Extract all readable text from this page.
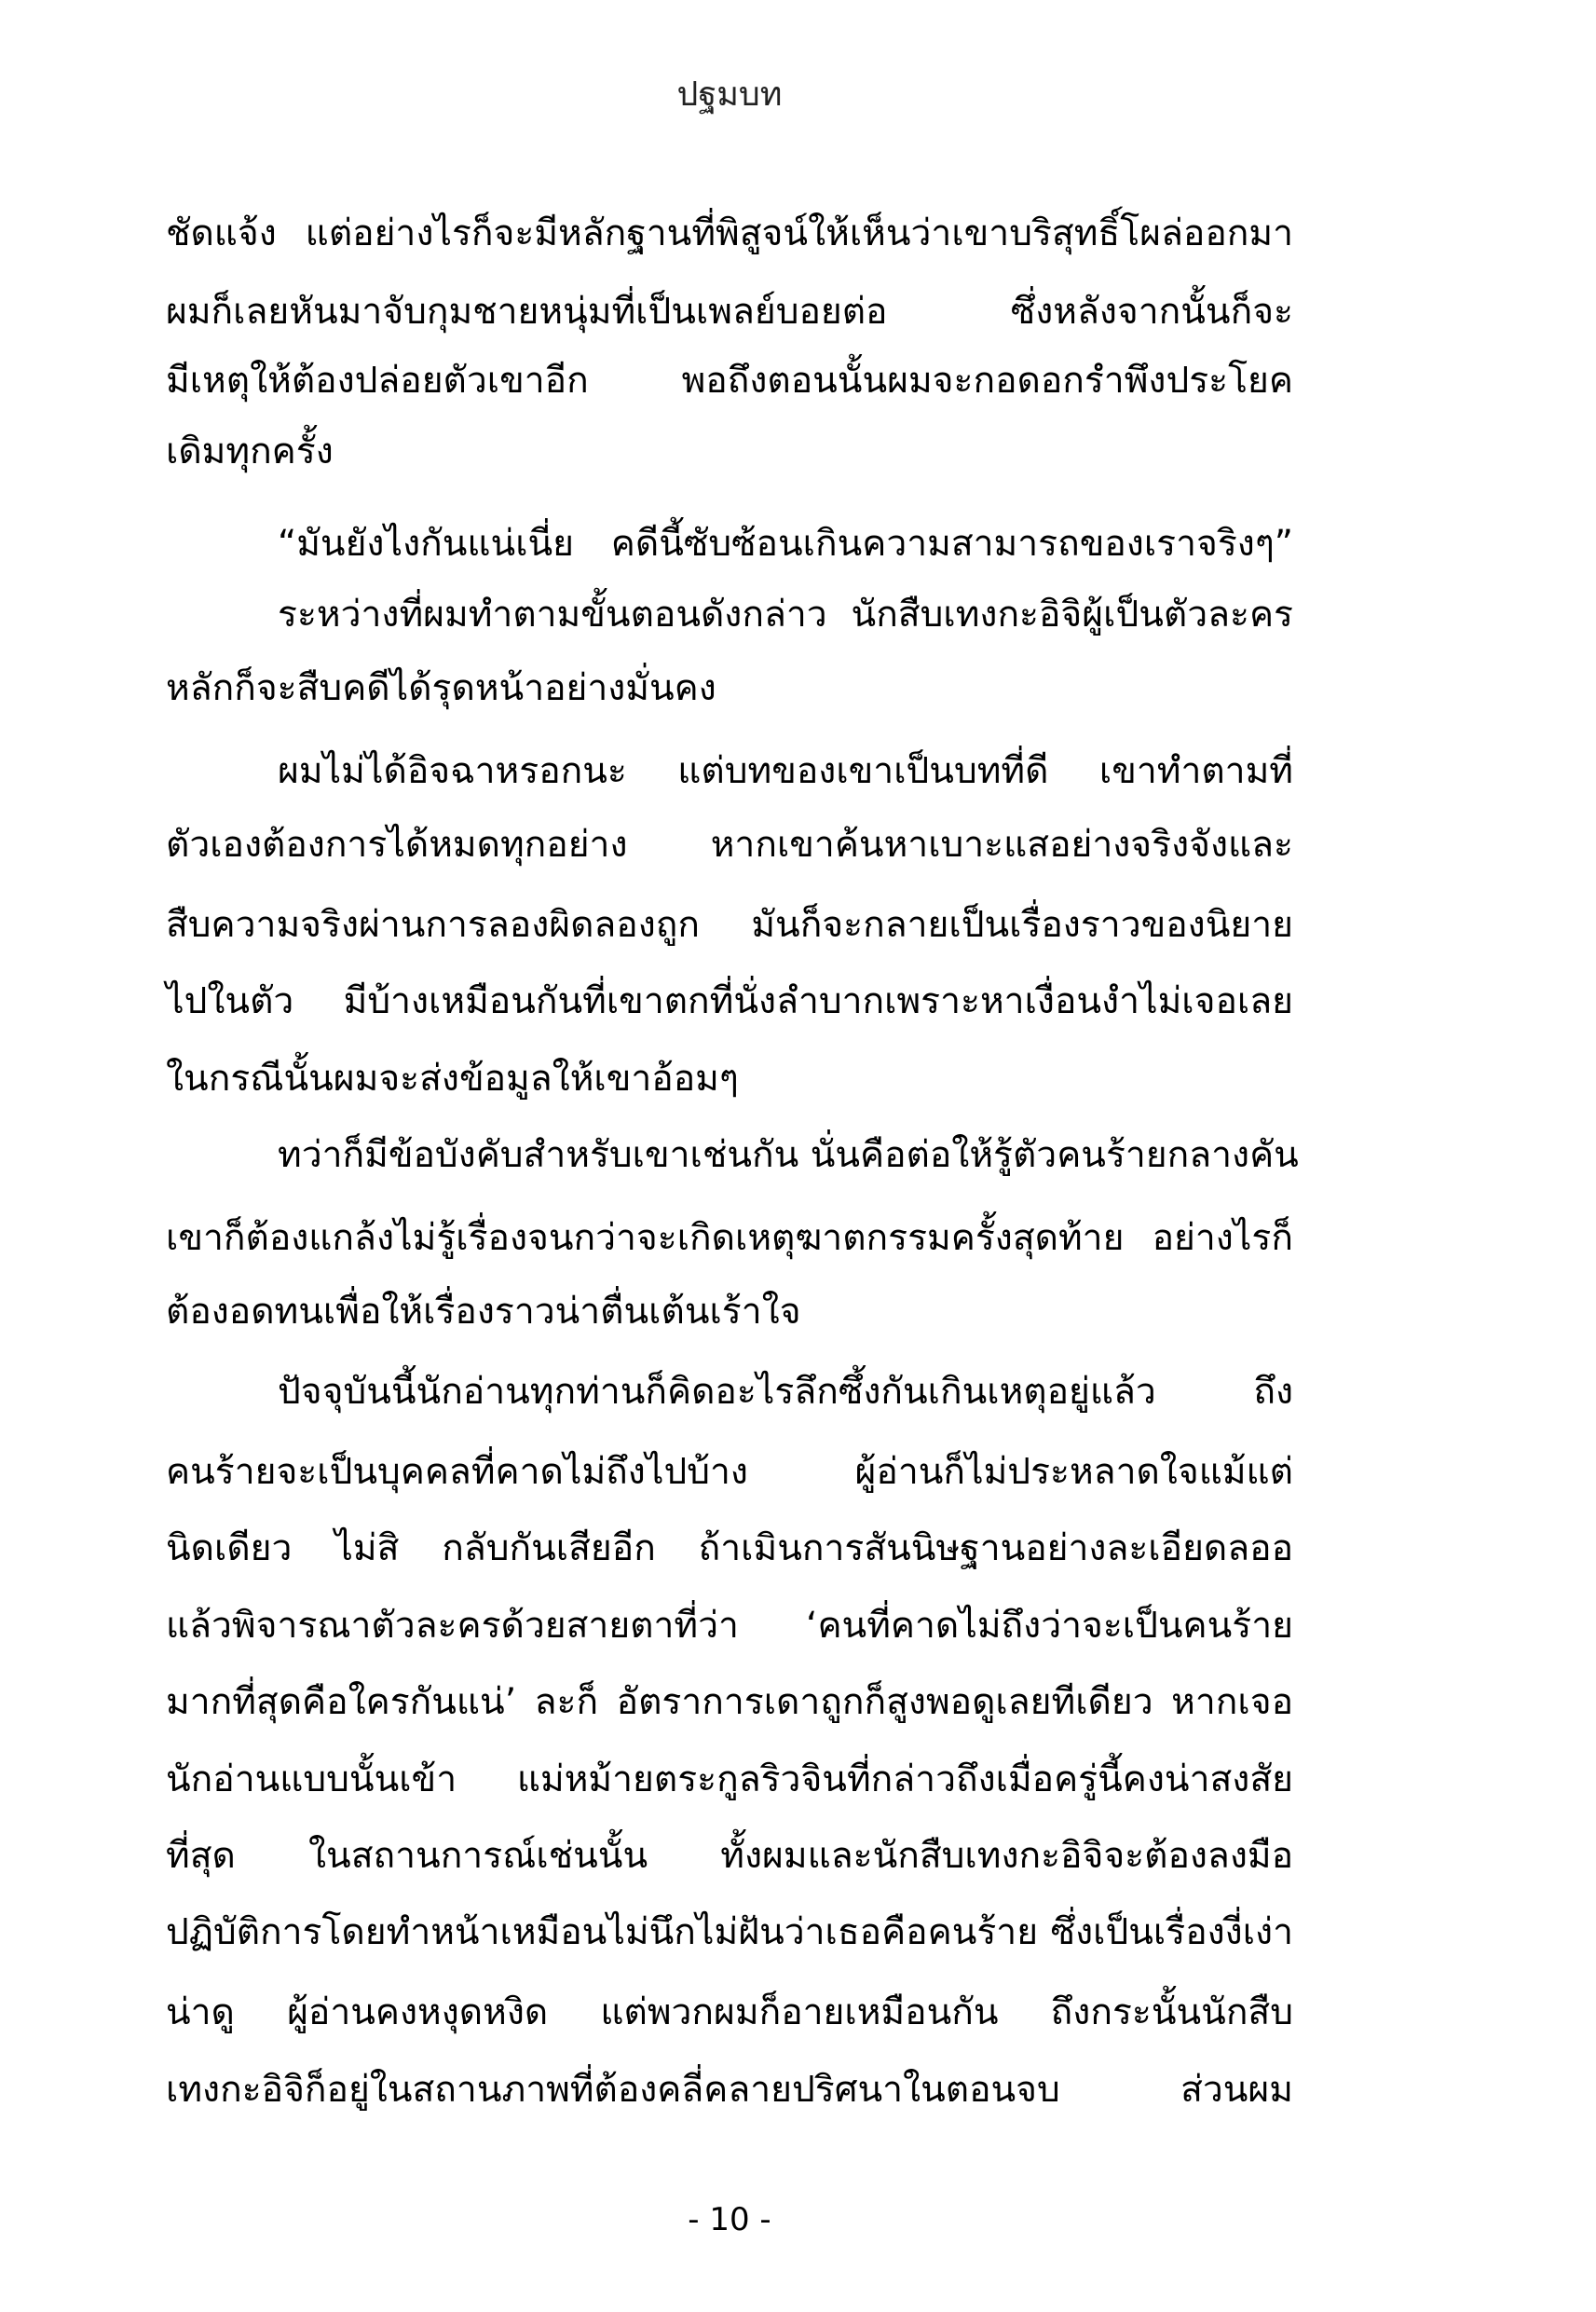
ปฐมบท
ชัดแจ้ง แต่อย่างไรก็จะมีหลักฐานที่พิสูจน์ให้เห็นว่าเขาบริสุทธิ์โผล่ออกมา
ผมก็เลยหันมาจับกุมชายหนุ่มที่เป็นเพลย์บอยต่อ ซึ่งหลังจากนั้นก็จะ
มีเหตุให้ต้องปล่อยตัวเขาอีก พอถึงตอนนั้นผมจะกอดอกรำพึงประโยค
เดิมทุกครั้ง
“มันยังไงกันแน่เนี่ย คดีนี้ซับซ้อนเกินความสามารถของเราจริงๆ”
ระหว่างที่ผมทำตามขั้นตอนดังกล่าว นักสืบเทงกะอิจิผู้เป็นตัวละคร
หลักก็จะสืบคดีได้รุดหน้าอย่างมั่นคง
ผมไม่ได้อิจฉาหรอกนะ แต่บทของเขาเป็นบทที่ดี เขาทำตามที่
ตัวเองต้องการได้หมดทุกอย่าง หากเขาค้นหาเบาะแสอย่างจริงจังและ
สืบความจริงผ่านการลองผิดลองถูก มันก็จะกลายเป็นเรื่องราวของนิยาย
ไปในตัว มีบ้างเหมือนกันที่เขาตกที่นั่งลำบากเพราะหาเงื่อนงำไม่เจอเลย
ในกรณีนั้นผมจะส่งข้อมูลให้เขาอ้อมๆ
ทว่าก็มีข้อบังคับสำหรับเขาเช่นกัน นั่นคือต่อให้รู้ตัวคนร้ายกลางคัน
เขาก็ต้องแกล้งไม่รู้เรื่องจนกว่าจะเกิดเหตุฆาตกรรมครั้งสุดท้าย อย่างไรก็
ต้องอดทนเพื่อให้เรื่องราวน่าตื่นเต้นเร้าใจ
ปัจจุบันนี้นักอ่านทุกท่านก็คิดอะไรลึกซึ้งกันเกินเหตุอยู่แล้ว ถึง
คนร้ายจะเป็นบุคคลที่คาดไม่ถึงไปบ้าง ผู้อ่านก็ไม่ประหลาดใจแม้แต่
นิดเดียว ไม่สิ กลับกันเสียอีก ถ้าเมินการสันนิษฐานอย่างละเอียดลออ
แล้วพิจารณาตัวละครด้วยสายตาที่ว่า ‘คนที่คาดไม่ถึงว่าจะเป็นคนร้าย
มากที่สุดคือใครกันแน่’ ละก็ อัตราการเดาถูกก็สูงพอดูเลยทีเดียว หากเจอ
นักอ่านแบบนั้นเข้า แม่หม้ายตระกูลริวจินที่กล่าวถึงเมื่อครู่นี้คงน่าสงสัย
ที่สุด ในสถานการณ์เช่นนั้น ทั้งผมและนักสืบเทงกะอิจิจะต้องลงมือ
ปฏิบัติการโดยทำหน้าเหมือนไม่นึกไม่ฝันว่าเธอคือคนร้าย ซึ่งเป็นเรื่องงี่เง่า
น่าดู ผู้อ่านคงหงุดหงิด แต่พวกผมก็อายเหมือนกัน ถึงกระนั้นนักสืบ
เทงกะอิจิก็อยู่ในสถานภาพที่ต้องคลี่คลายปริศนาในตอนจบ ส่วนผม
- 10 -
